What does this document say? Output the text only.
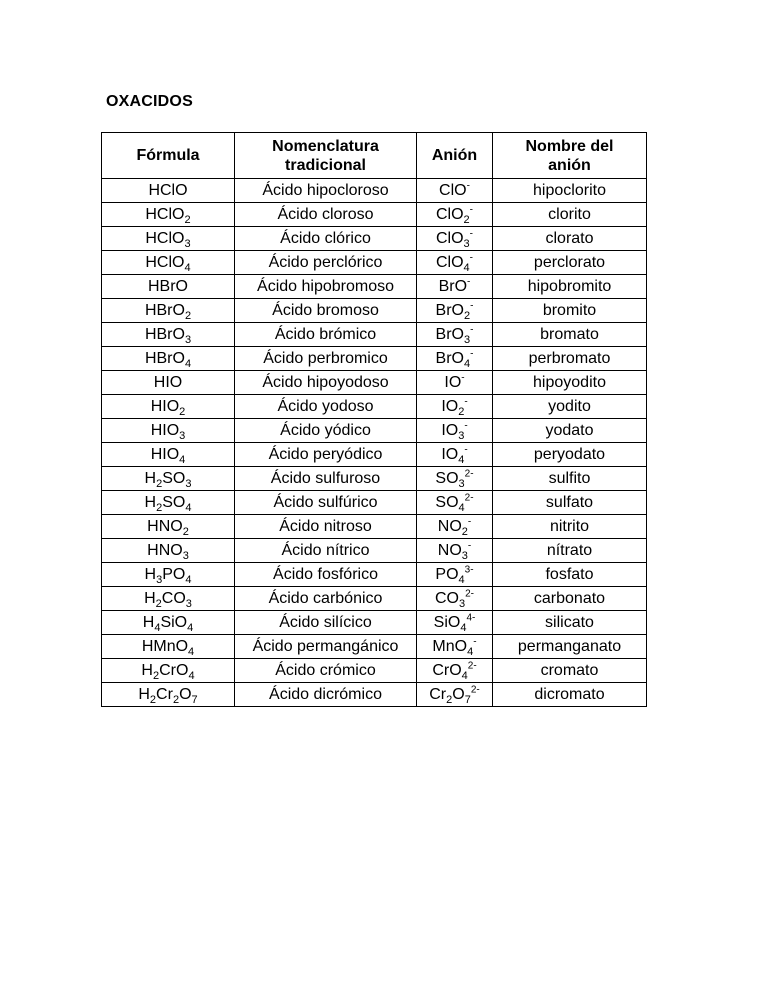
OXACIDOS
Fórmula	Nomenclatura tradicional	Anión	Nombre del anión
HClO	Ácido hipocloroso	ClO-	hipoclorito
HClO$_2$	Ácido cloroso	ClO$_2$-	clorito
HClO$_3$	Ácido clórico	ClO$_3$-	clorato
HClO$_4$	Ácido perclórico	ClO$_4$-	perclorato
HBrO	Ácido hipobromoso	BrO-	hipobromito
HBrO$_2$	Ácido bromoso	BrO$_2$-	bromito
HBrO$_3$	Ácido brómico	BrO$_3$-	bromato
HBrO$_4$	Ácido perbromico	BrO$_4$-	perbromato
HIO	Ácido hipoyodoso	IO-	hipoyodito
$HIO_2$	Ácido yodoso	$IO_2^-$	yodito
$HIO_3$	Ácido yódico	$IO_3^-$	yodato
$HIO_4$	Ácido peryódico	$IO_4^-$	peryodato
$H_2SO_3$	Ácido sulfuroso	$SO_3^{2-}$	sulfito
$H_2SO_4$	Ácido sulfúrico	$SO_4^{2-}$	sulfato
$HNO_2$	Ácido nitroso	$NO_2^-$	nitrito
$HNO_3$	Ácido nítrico	$NO_3^-$	nítrato
$H_3PO_4$	Ácido fosfórico	$PO_4^{3-}$	fosfato
$H_2CO_3$	Ácido carbónico	$CO_3^{2-}$	carbonato
$H_4SiO_4$	Ácido silícico	SiO$_4^{4-}$	silicato
HMnO$_4$	Ácido permangánico	MnO$_4$-	permanganato
$H_2CrO_4$	Ácido crómico	CrO$_4^{2-}$	cromato
$H_2Cr_2O_7$	Ácido dicrómico	$Cr_2O_7^{2-}$	dicromato
